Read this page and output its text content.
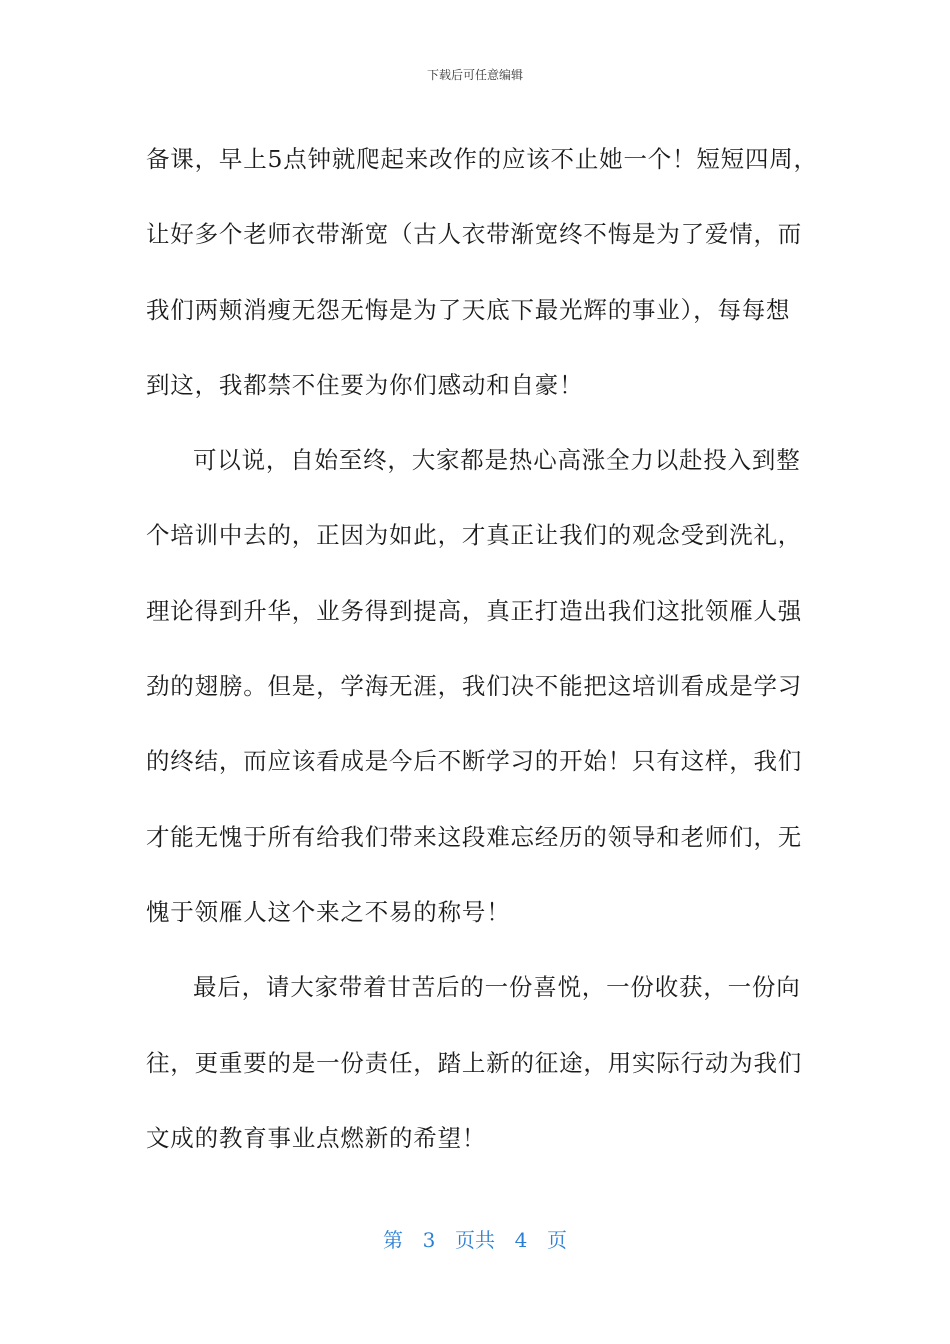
下载后可任意编辑
备课，早上5点钟就爬起来改作的应该不止她一个！短短四周，
让好多个老师衣带渐宽（古人衣带渐宽终不悔是为了爱情，而
我们两颊消瘦无怨无悔是为了天底下最光辉的事业），每每想
到这，我都禁不住要为你们感动和自豪！
可以说，自始至终，大家都是热心高涨全力以赴投入到整
个培训中去的，正因为如此，才真正让我们的观念受到洗礼，
理论得到升华，业务得到提高，真正打造出我们这批领雁人强
劲的翅膀。但是，学海无涯，我们决不能把这培训看成是学习
的终结，而应该看成是今后不断学习的开始！只有这样，我们
才能无愧于所有给我们带来这段难忘经历的领导和老师们，无
愧于领雁人这个来之不易的称号！
最后，请大家带着甘苦后的一份喜悦，一份收获，一份向
往，更重要的是一份责任，踏上新的征途，用实际行动为我们
文成的教育事业点燃新的希望！
第 3 页共 4 页
